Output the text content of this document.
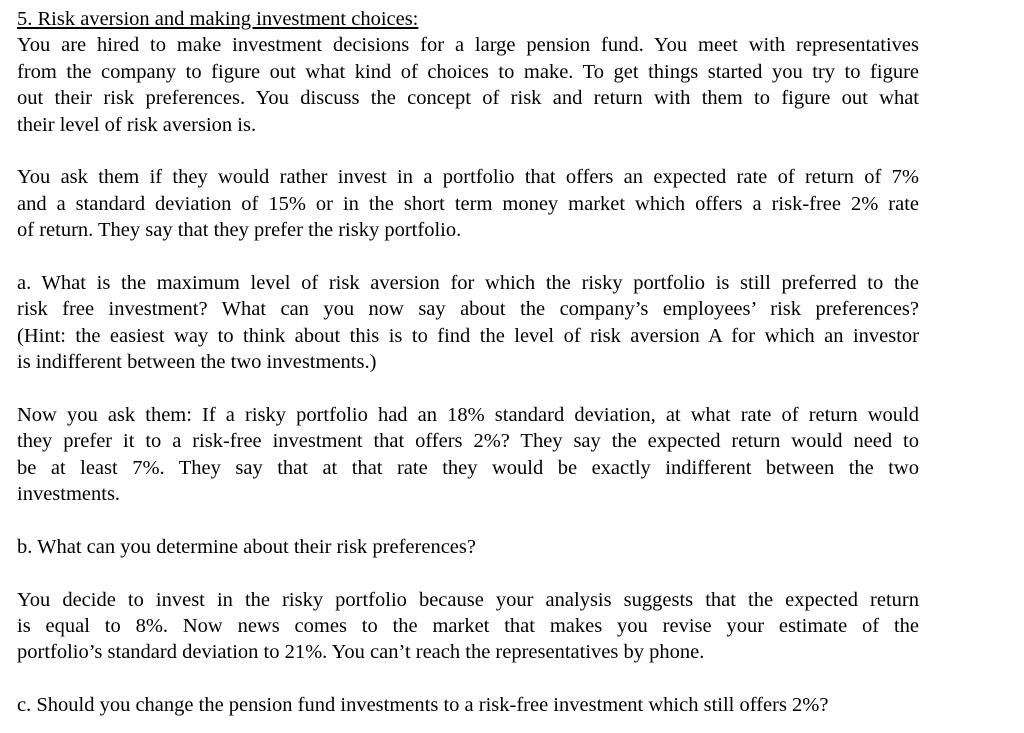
5. Risk aversion and making investment choices:
You are hired to make investment decisions for a large pension fund. You meet with representatives
from the company to figure out what kind of choices to make. To get things started you try to figure
out their risk preferences. You discuss the concept of risk and return with them to figure out what
their level of risk aversion is.
You ask them if they would rather invest in a portfolio that offers an expected rate of return of 7%
and a standard deviation of 15% or in the short term money market which offers a risk-free 2% rate
of return. They say that they prefer the risky portfolio.
a. What is the maximum level of risk aversion for which the risky portfolio is still preferred to the
risk free investment? What can you now say about the company’s employees’ risk preferences?
(Hint: the easiest way to think about this is to find the level of risk aversion A for which an investor
is indifferent between the two investments.)
Now you ask them: If a risky portfolio had an 18% standard deviation, at what rate of return would
they prefer it to a risk-free investment that offers 2%? They say the expected return would need to
be at least 7%. They say that at that rate they would be exactly indifferent between the two
investments.
b. What can you determine about their risk preferences?
You decide to invest in the risky portfolio because your analysis suggests that the expected return
is equal to 8%. Now news comes to the market that makes you revise your estimate of the
portfolio’s standard deviation to 21%. You can’t reach the representatives by phone.
c. Should you change the pension fund investments to a risk-free investment which still offers 2%?
